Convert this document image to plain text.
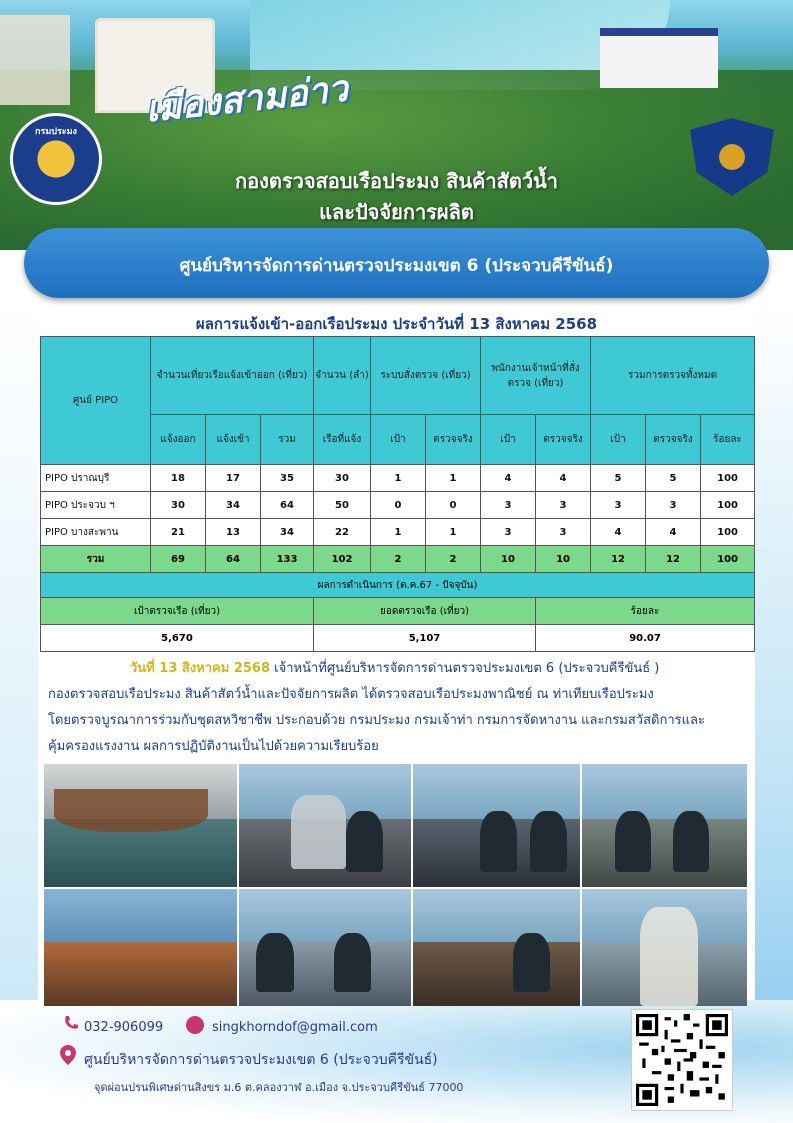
เมืองสามอ่าว
กรมประมง
กองตรวจสอบเรือประมง สินค้าสัตว์น้ำ
และปัจจัยการผลิต
ศูนย์บริหารจัดการด่านตรวจประมงเขต 6 (ประจวบคีรีขันธ์)
ผลการแจ้งเข้า-ออกเรือประมง ประจำวันที่ 13 สิงหาคม 2568
ศูนย์ PIPO	จำนวนเที่ยวเรือแจ้งเข้าออก (เที่ยว)			จำนวน (ลำ)	ระบบสั่งตรวจ (เที่ยว)		พนักงานเจ้าหน้าที่สั่งตรวจ (เที่ยว)		รวมการตรวจทั้งหมด		
	แจ้งออก	แจ้งเข้า	รวม	เรือที่แจ้ง	เป้า	ตรวจจริง	เป้า	ตรวจจริง	เป้า	ตรวจจริง	ร้อยละ
PIPO ปราณบุรี	18	17	35	30	1	1	4	4	5	5	100
PIPO ประจวบ ฯ	30	34	64	50	0	0	3	3	3	3	100
PIPO บางสะพาน	21	13	34	22	1	1	3	3	4	4	100
รวม	69	64	133	102	2	2	10	10	12	12	100
ผลการดำเนินการ (ต.ค.67 - ปัจจุบัน)											
เป้าตรวจเรือ (เที่ยว)				ยอดตรวจเรือ (เที่ยว)				ร้อยละ			
5,670				5,107				90.07			
วันที่ 13 สิงหาคม 2568 เจ้าหน้าที่ศูนย์บริหารจัดการด่านตรวจประมงเขต 6 (ประจวบคีรีขันธ์ )
กองตรวจสอบเรือประมง สินค้าสัตว์น้ำและปัจจัยการผลิต ได้ตรวจสอบเรือประมงพาณิชย์ ณ ท่าเทียบเรือประมง
โดยตรวจบูรณาการร่วมกับชุดสหวิชาชีพ ประกอบด้วย กรมประมง กรมเจ้าท่า กรมการจัดหางาน และกรมสวัสดิการและ
คุ้มครองแรงงาน ผลการปฏิบัติงานเป็นไปด้วยความเรียบร้อย
032-906099	singkhorndof@gmail.com
ศูนย์บริหารจัดการด่านตรวจประมงเขต 6 (ประจวบคีรีขันธ์)
จุดผ่อนปรนพิเศษด่านสิงขร ม.6 ต.คลองวาฬ อ.เมือง จ.ประจวบคีรีขันธ์ 77000
